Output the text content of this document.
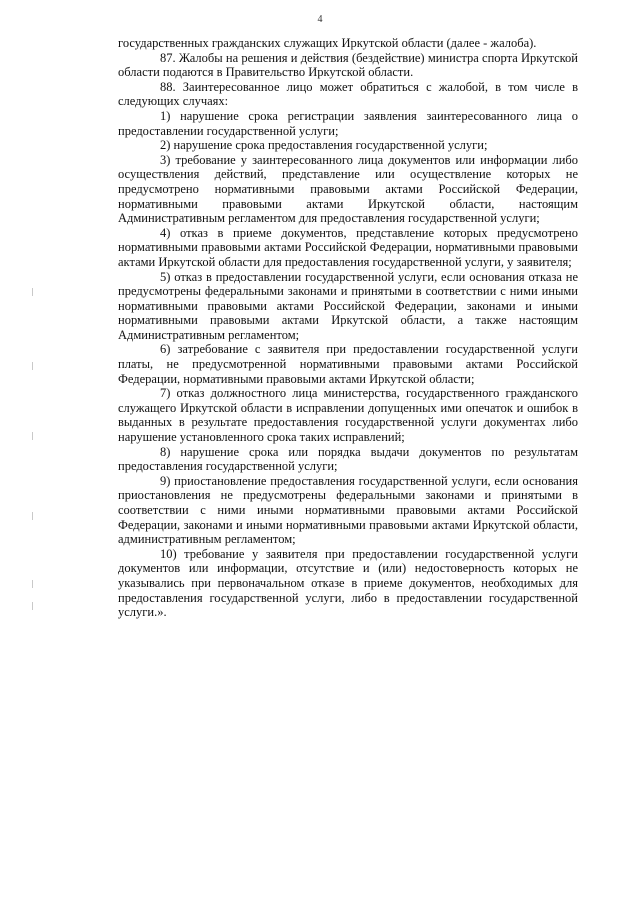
4

государственных гражданских служащих Иркутской области (далее - жалоба).

87. Жалобы на решения и действия (бездействие) министра спорта Иркутской области подаются в Правительство Иркутской области.

88. Заинтересованное лицо может обратиться с жалобой, в том числе в следующих случаях:

1) нарушение срока регистрации заявления заинтересованного лица о предоставлении государственной услуги;

2) нарушение срока предоставления государственной услуги;

3) требование у заинтересованного лица документов или информации либо осуществления действий, представление или осуществление которых не предусмотрено нормативными правовыми актами Российской Федерации, нормативными правовыми актами Иркутской области, настоящим Административным регламентом для предоставления государственной услуги;

4) отказ в приеме документов, представление которых предусмотрено нормативными правовыми актами Российской Федерации, нормативными правовыми актами Иркутской области для предоставления государственной услуги, у заявителя;

5) отказ в предоставлении государственной услуги, если основания отказа не предусмотрены федеральными законами и принятыми в соответствии с ними иными нормативными правовыми актами Российской Федерации, законами и иными нормативными правовыми актами Иркутской области, а также настоящим Административным регламентом;

6) затребование с заявителя при предоставлении государственной услуги платы, не предусмотренной нормативными правовыми актами Российской Федерации, нормативными правовыми актами Иркутской области;

7) отказ должностного лица министерства, государственного гражданского служащего Иркутской области в исправлении допущенных ими опечаток и ошибок в выданных в результате предоставления государственной услуги документах либо нарушение установленного срока таких исправлений;

8) нарушение срока или порядка выдачи документов по результатам предоставления государственной услуги;

9) приостановление предоставления государственной услуги, если основания приостановления не предусмотрены федеральными законами и принятыми в соответствии с ними иными нормативными правовыми актами Российской Федерации, законами и иными нормативными правовыми актами Иркутской области, административным регламентом;

10) требование у заявителя при предоставлении государственной услуги документов или информации, отсутствие и (или) недостоверность которых не указывались при первоначальном отказе в приеме документов, необходимых для предоставления государственной услуги, либо в предоставлении государственной услуги.».
